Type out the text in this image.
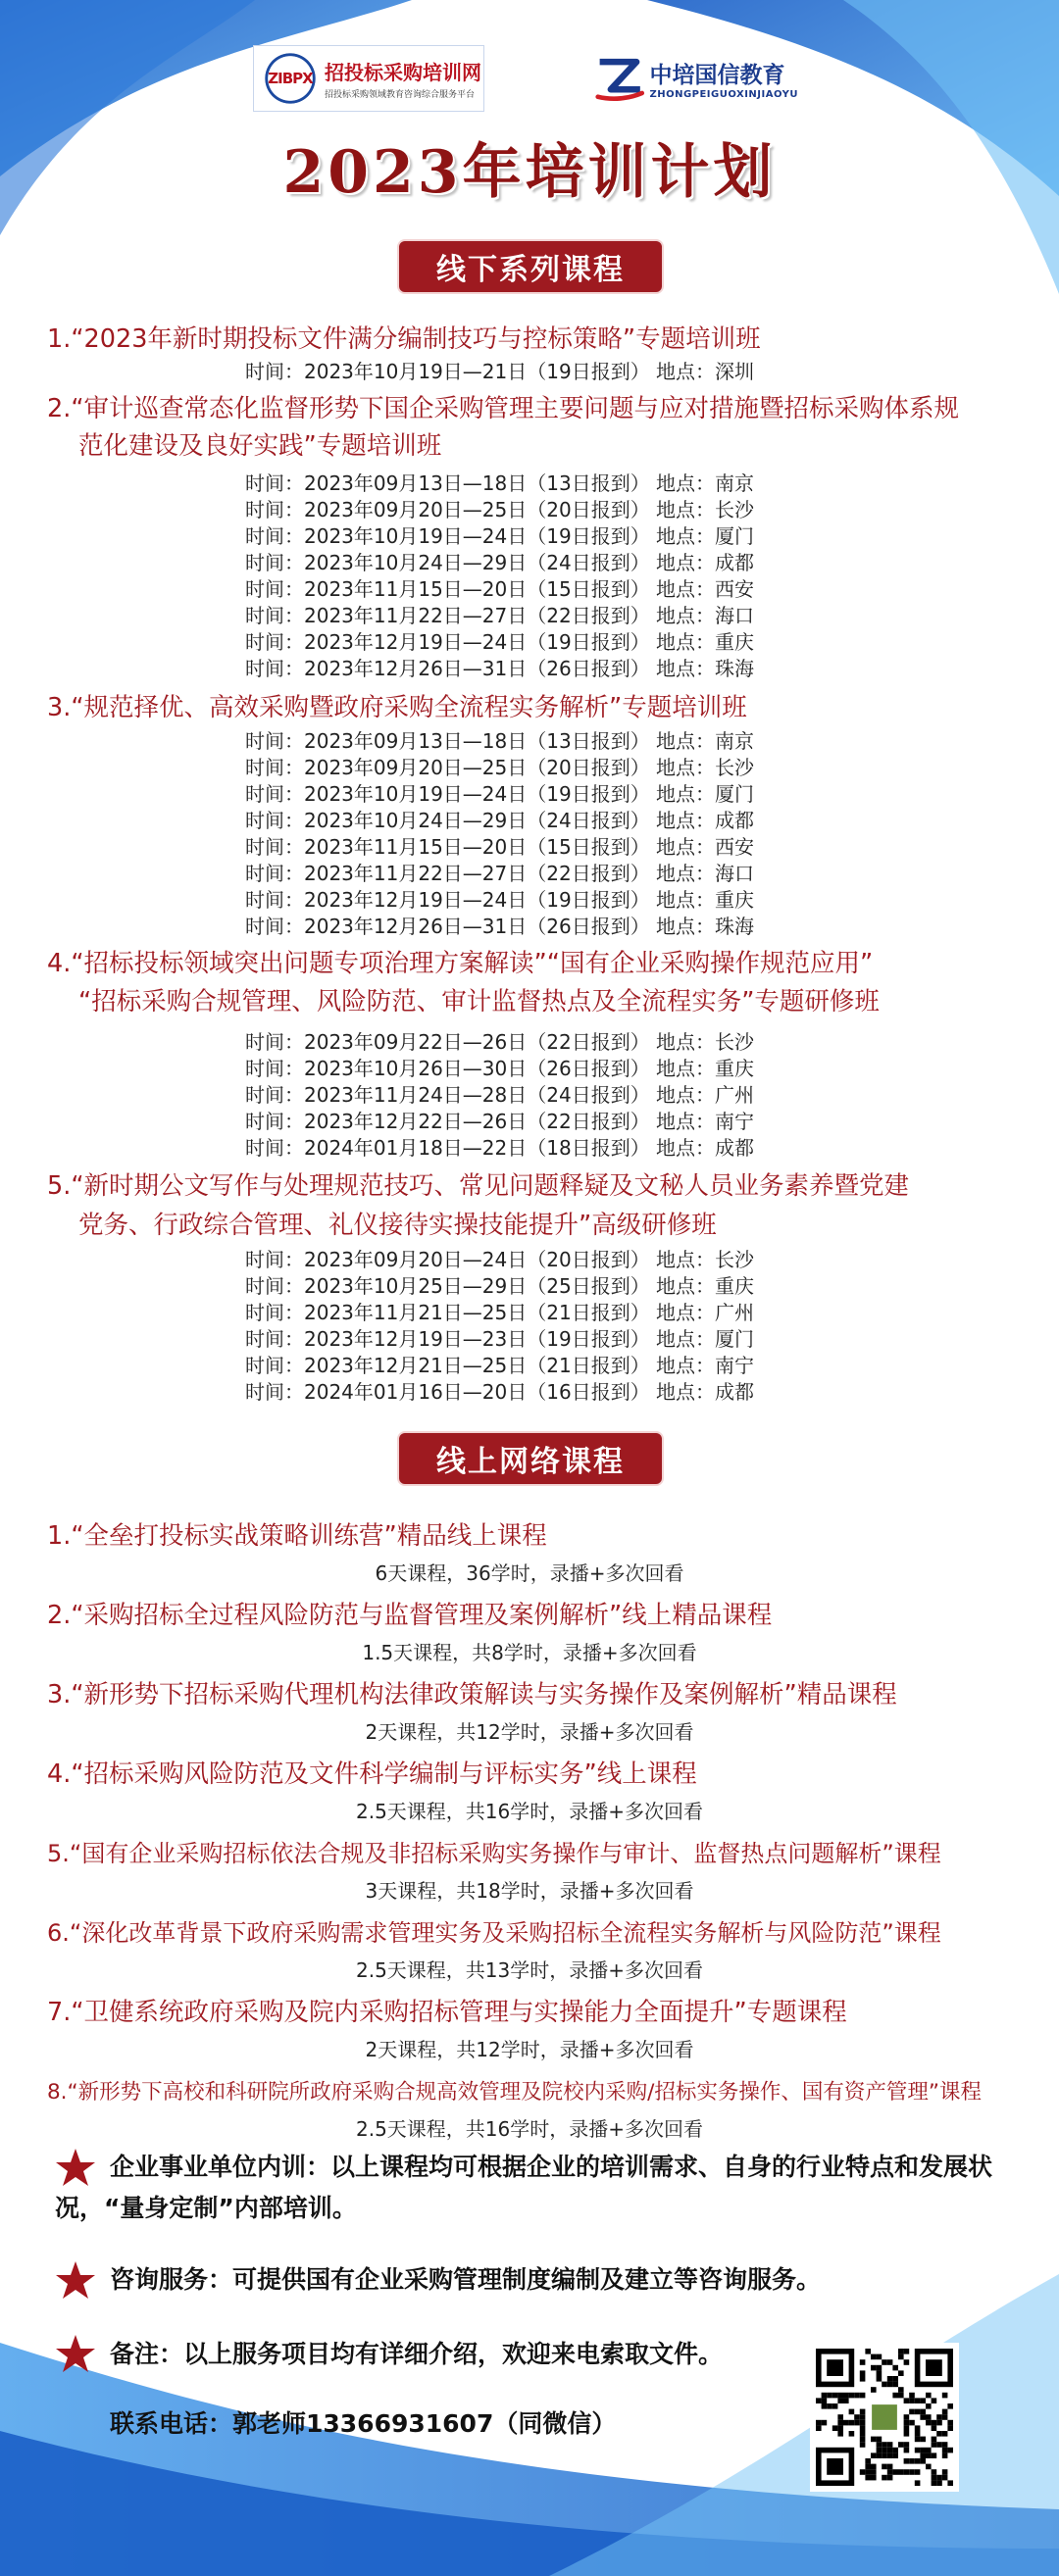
ZIBPX 招投标采购培训网
招投标采购领域教育咨询综合服务平台
中培国信教育
ZHONGPEIGUOXINJIAOYU
2023年培训计划
线下系列课程
1.“2023年新时期投标文件满分编制技巧与控标策略”专题培训班
时间：2023年10月19日—21日（19日报到） 地点：深圳
2.“审计巡查常态化监督形势下国企采购管理主要问题与应对措施暨招标采购体系规
范化建设及良好实践”专题培训班
时间：2023年09月13日—18日（13日报到） 地点：南京
时间：2023年09月20日—25日（20日报到） 地点：长沙
时间：2023年10月19日—24日（19日报到） 地点：厦门
时间：2023年10月24日—29日（24日报到） 地点：成都
时间：2023年11月15日—20日（15日报到） 地点：西安
时间：2023年11月22日—27日（22日报到） 地点：海口
时间：2023年12月19日—24日（19日报到） 地点：重庆
时间：2023年12月26日—31日（26日报到） 地点：珠海
3.“规范择优、高效采购暨政府采购全流程实务解析”专题培训班
时间：2023年09月13日—18日（13日报到） 地点：南京
时间：2023年09月20日—25日（20日报到） 地点：长沙
时间：2023年10月19日—24日（19日报到） 地点：厦门
时间：2023年10月24日—29日（24日报到） 地点：成都
时间：2023年11月15日—20日（15日报到） 地点：西安
时间：2023年11月22日—27日（22日报到） 地点：海口
时间：2023年12月19日—24日（19日报到） 地点：重庆
时间：2023年12月26日—31日（26日报到） 地点：珠海
4.“招标投标领域突出问题专项治理方案解读”“国有企业采购操作规范应用”
“招标采购合规管理、风险防范、审计监督热点及全流程实务”专题研修班
时间：2023年09月22日—26日（22日报到） 地点：长沙
时间：2023年10月26日—30日（26日报到） 地点：重庆
时间：2023年11月24日—28日（24日报到） 地点：广州
时间：2023年12月22日—26日（22日报到） 地点：南宁
时间：2024年01月18日—22日（18日报到） 地点：成都
5.“新时期公文写作与处理规范技巧、常见问题释疑及文秘人员业务素养暨党建
党务、行政综合管理、礼仪接待实操技能提升”高级研修班
时间：2023年09月20日—24日（20日报到） 地点：长沙
时间：2023年10月25日—29日（25日报到） 地点：重庆
时间：2023年11月21日—25日（21日报到） 地点：广州
时间：2023年12月19日—23日（19日报到） 地点：厦门
时间：2023年12月21日—25日（21日报到） 地点：南宁
时间：2024年01月16日—20日（16日报到） 地点：成都
线上网络课程
1.“全垒打投标实战策略训练营”精品线上课程
6天课程，36学时，录播+多次回看
2.“采购招标全过程风险防范与监督管理及案例解析”线上精品课程
1.5天课程，共8学时，录播+多次回看
3.“新形势下招标采购代理机构法律政策解读与实务操作及案例解析”精品课程
2天课程，共12学时，录播+多次回看
4.“招标采购风险防范及文件科学编制与评标实务”线上课程
2.5天课程，共16学时，录播+多次回看
5.“国有企业采购招标依法合规及非招标采购实务操作与审计、监督热点问题解析”课程
3天课程，共18学时，录播+多次回看
6.“深化改革背景下政府采购需求管理实务及采购招标全流程实务解析与风险防范”课程
2.5天课程，共13学时，录播+多次回看
7.“卫健系统政府采购及院内采购招标管理与实操能力全面提升”专题课程
2天课程，共12学时，录播+多次回看
8.“新形势下高校和科研院所政府采购合规高效管理及院校内采购/招标实务操作、国有资产管理”课程
2.5天课程，共16学时，录播+多次回看
企业事业单位内训：以上课程均可根据企业的培训需求、自身的行业特点和发展状况，“量身定制”内部培训。
咨询服务：可提供国有企业采购管理制度编制及建立等咨询服务。
备注：以上服务项目均有详细介绍，欢迎来电索取文件。
联系电话：郭老师13366931607（同微信）
